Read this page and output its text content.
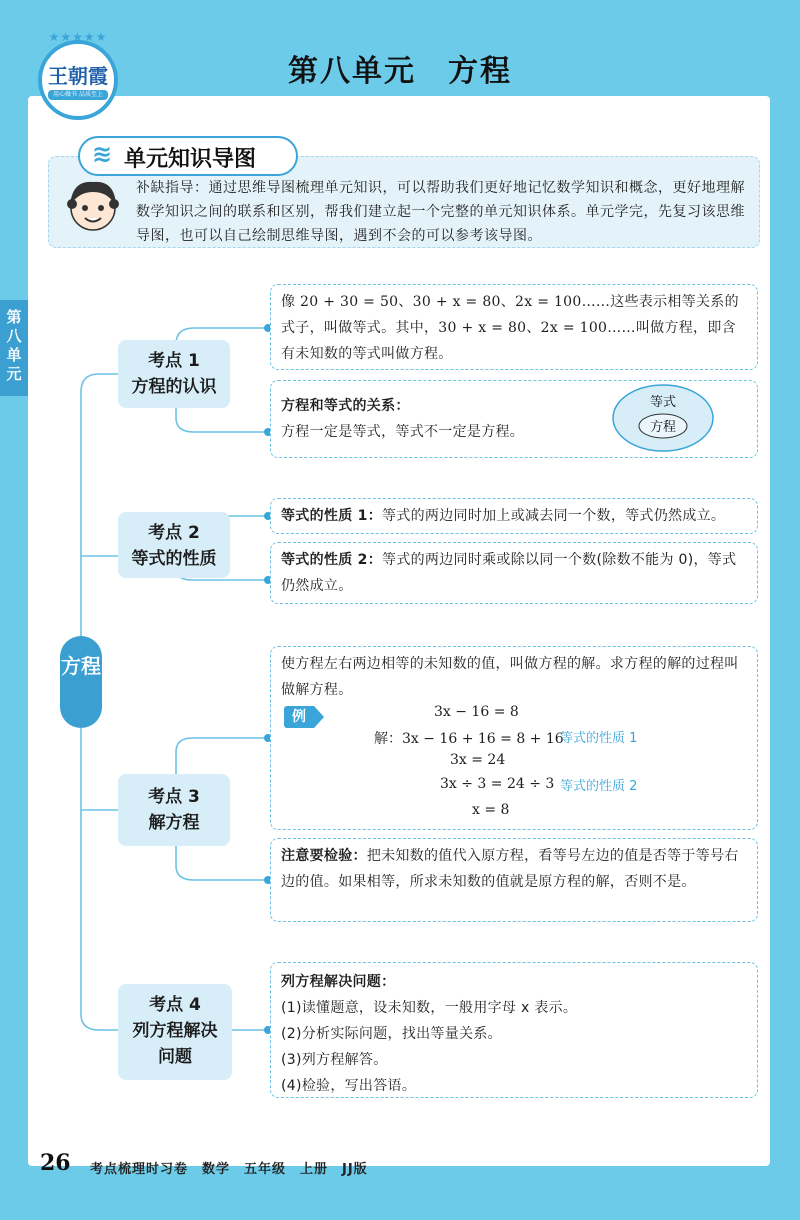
★★★★★
王朝霞
用心做书 品质至上
第八单元　方程
第
八
单
元
≋ 单元知识导图
补缺指导：通过思维导图梳理单元知识，可以帮助我们更好地记忆数学知识和概念，更好地理解数学知识之间的联系和区别，帮我们建立起一个完整的单元知识体系。单元学完，先复习该思维导图，也可以自己绘制思维导图，遇到不会的可以参考该导图。
方程
考点 1
方程的认识
像 20 + 30 = 50、30 + x = 80、2x = 100……这些表示相等关系的式子，叫做等式。其中，30 + x = 80、2x = 100……叫做方程，即含有未知数的等式叫做方程。
方程和等式的关系：
方程一定是等式，等式不一定是方程。
等式
方程
考点 2
等式的性质
等式的性质 1：等式的两边同时加上或减去同一个数，等式仍然成立。
等式的性质 2：等式的两边同时乘或除以同一个数(除数不能为 0)，等式仍然成立。
考点 3
解方程
使方程左右两边相等的未知数的值，叫做方程的解。求方程的解的过程叫做解方程。
例	3x − 16 = 8
解：3x − 16 + 16 = 8 + 16
3x = 24
3x ÷ 3 = 24 ÷ 3
x = 8
等式的性质 1
等式的性质 2
注意要检验：把未知数的值代入原方程，看等号左边的值是否等于等号右边的值。如果相等，所求未知数的值就是原方程的解，否则不是。
考点 4
列方程解决
问题
列方程解决问题：
(1)读懂题意，设未知数，一般用字母 x 表示。
(2)分析实际问题，找出等量关系。
(3)列方程解答。
(4)检验，写出答语。
26 考点梳理时习卷　数学　五年级　上册　JJ版
